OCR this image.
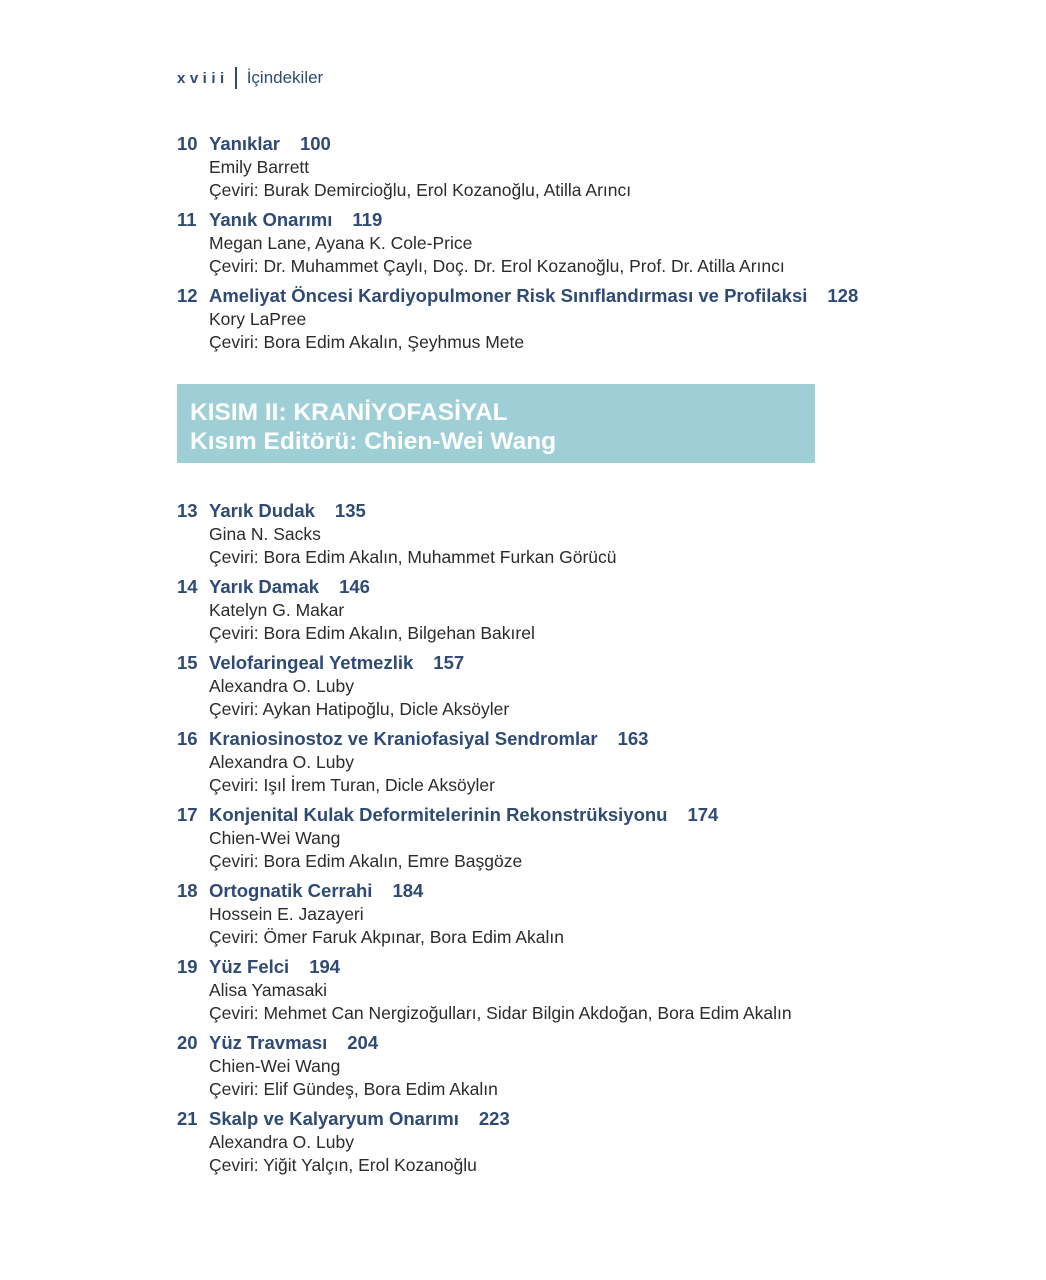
xviii İçindekiler
10 Yanıklar 100
Emily Barrett
Çeviri: Burak Demircioğlu, Erol Kozanoğlu, Atilla Arıncı
11 Yanık Onarımı 119
Megan Lane, Ayana K. Cole-Price
Çeviri: Dr. Muhammet Çaylı, Doç. Dr. Erol Kozanoğlu, Prof. Dr. Atilla Arıncı
12 Ameliyat Öncesi Kardiyopulmoner Risk Sınıflandırması ve Profilaksi 128
Kory LaPree
Çeviri: Bora Edim Akalın, Şeyhmus Mete
KISIM II: KRANİYOFASİYAL
Kısım Editörü: Chien-Wei Wang
13 Yarık Dudak 135
Gina N. Sacks
Çeviri: Bora Edim Akalın, Muhammet Furkan Görücü
14 Yarık Damak 146
Katelyn G. Makar
Çeviri: Bora Edim Akalın, Bilgehan Bakırel
15 Velofaringeal Yetmezlik 157
Alexandra O. Luby
Çeviri: Aykan Hatipoğlu, Dicle Aksöyler
16 Kraniosinostoz ve Kraniofasiyal Sendromlar 163
Alexandra O. Luby
Çeviri: Işıl İrem Turan, Dicle Aksöyler
17 Konjenital Kulak Deformitelerinin Rekonstrüksiyonu 174
Chien-Wei Wang
Çeviri: Bora Edim Akalın, Emre Başgöze
18 Ortognatik Cerrahi 184
Hossein E. Jazayeri
Çeviri: Ömer Faruk Akpınar, Bora Edim Akalın
19 Yüz Felci 194
Alisa Yamasaki
Çeviri: Mehmet Can Nergizoğulları, Sidar Bilgin Akdoğan, Bora Edim Akalın
20 Yüz Travması 204
Chien-Wei Wang
Çeviri: Elif Gündeş, Bora Edim Akalın
21 Skalp ve Kalyaryum Onarımı 223
Alexandra O. Luby
Çeviri: Yiğit Yalçın, Erol Kozanoğlu
